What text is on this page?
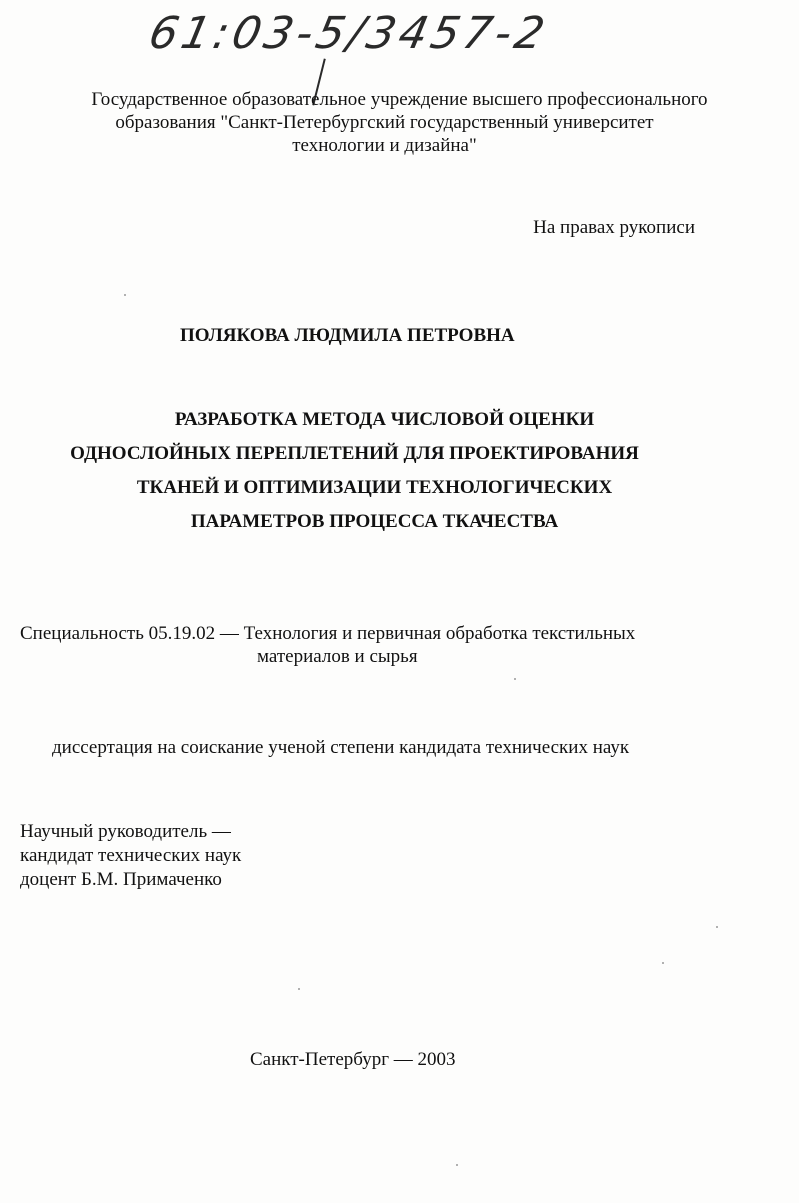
61:03-5/3457-2
Государственное образовательное учреждение высшего профессионального
образования "Санкт-Петербургский государственный университет
технологии и дизайна"
На правах рукописи
ПОЛЯКОВА ЛЮДМИЛА ПЕТРОВНА
РАЗРАБОТКА МЕТОДА ЧИСЛОВОЙ ОЦЕНКИ
ОДНОСЛОЙНЫХ ПЕРЕПЛЕТЕНИЙ ДЛЯ ПРОЕКТИРОВАНИЯ
ТКАНЕЙ И ОПТИМИЗАЦИИ ТЕХНОЛОГИЧЕСКИХ
ПАРАМЕТРОВ ПРОЦЕССА ТКАЧЕСТВА
Специальность 05.19.02 — Технология и первичная обработка текстильных
материалов и сырья
диссертация на соискание ученой степени кандидата технических наук
Научный руководитель —
кандидат технических наук
доцент Б.М. Примаченко
Санкт-Петербург — 2003
